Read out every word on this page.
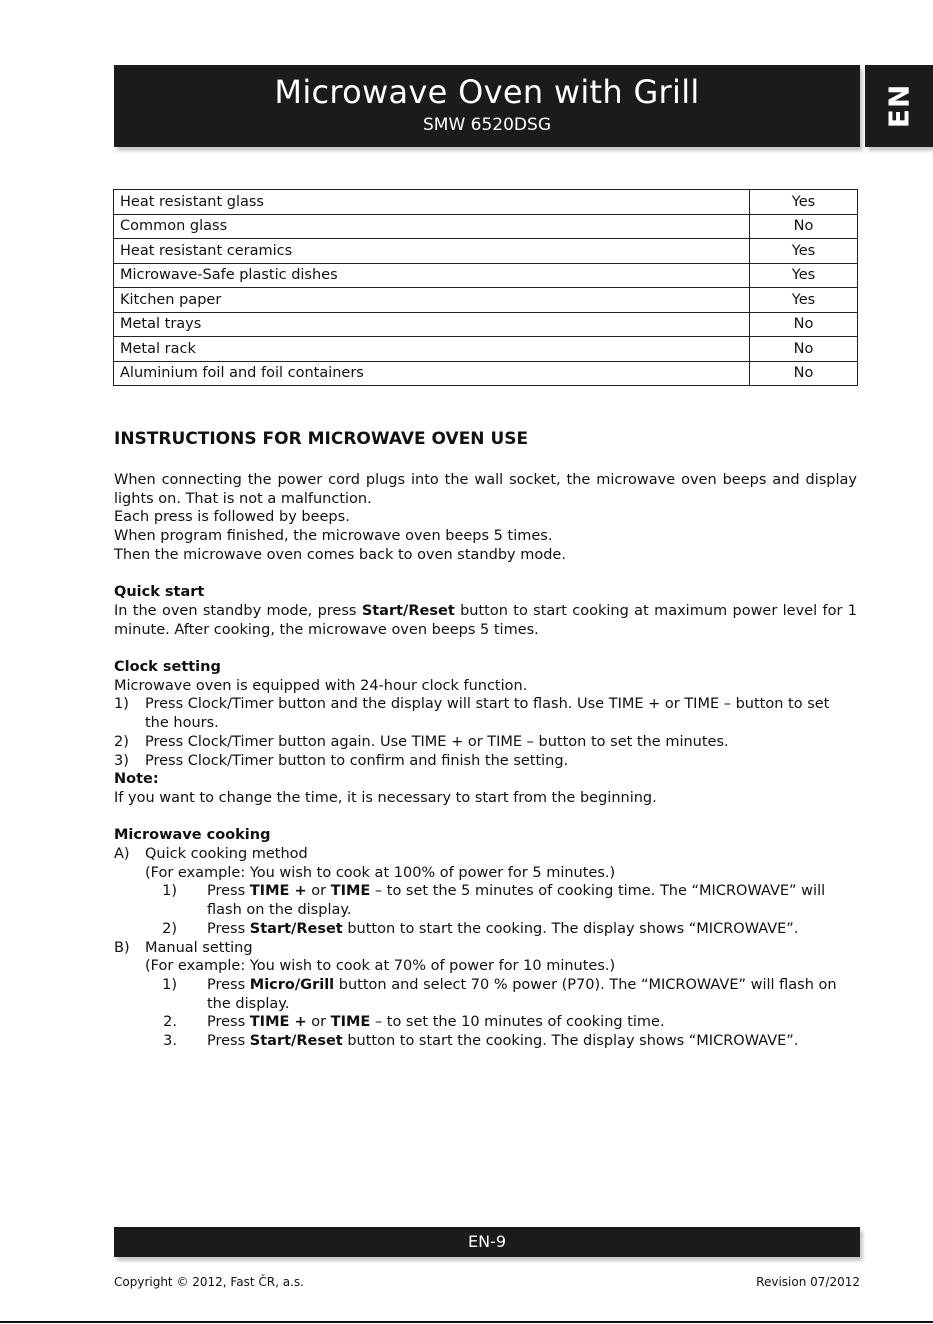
Microwave Oven with Grill
SMW 6520DSG	EN
Heat resistant glass	Yes
Common glass	No
Heat resistant ceramics	Yes
Microwave-Safe plastic dishes	Yes
Kitchen paper	Yes
Metal trays	No
Metal rack	No
Aluminium foil and foil containers	No
INSTRUCTIONS FOR MICROWAVE OVEN USE

When connecting the power cord plugs into the wall socket, the microwave oven beeps and display lights on. That is not a malfunction.

Each press is followed by beeps.

When program finished, the microwave oven beeps 5 times.

Then the microwave oven comes back to oven standby mode.

Quick start

In the oven standby mode, press Start/Reset button to start cooking at maximum power level for 1 minute. After cooking, the microwave oven beeps 5 times.

Clock setting

Microwave oven is equipped with 24-hour clock function.

1)	Press Clock/Timer button and the display will start to flash. Use TIME + or TIME – button to set the hours.
2)	Press Clock/Timer button again. Use TIME + or TIME – button to set the minutes.
3)	Press Clock/Timer button to confirm and finish the setting.

Note:

If you want to change the time, it is necessary to start from the beginning.

Microwave cooking

A)	Quick cooking method

(For example: You wish to cook at 100% of power for 5 minutes.)

1)	Press TIME + or TIME – to set the 5 minutes of cooking time. The “MICROWAVE” will flash on the display.
2)	Press Start/Reset button to start the cooking. The display shows “MICROWAVE”.
B)	Manual setting

(For example: You wish to cook at 70% of power for 10 minutes.)

1)	Press Micro/Grill button and select 70 % power (P70). The “MICROWAVE” will flash on the display.
2.	Press TIME + or TIME – to set the 10 minutes of cooking time.
3.	Press Start/Reset button to start the cooking. The display shows “MICROWAVE”.
EN-9
Copyright © 2012, Fast ČR, a.s.	Revision 07/2012
